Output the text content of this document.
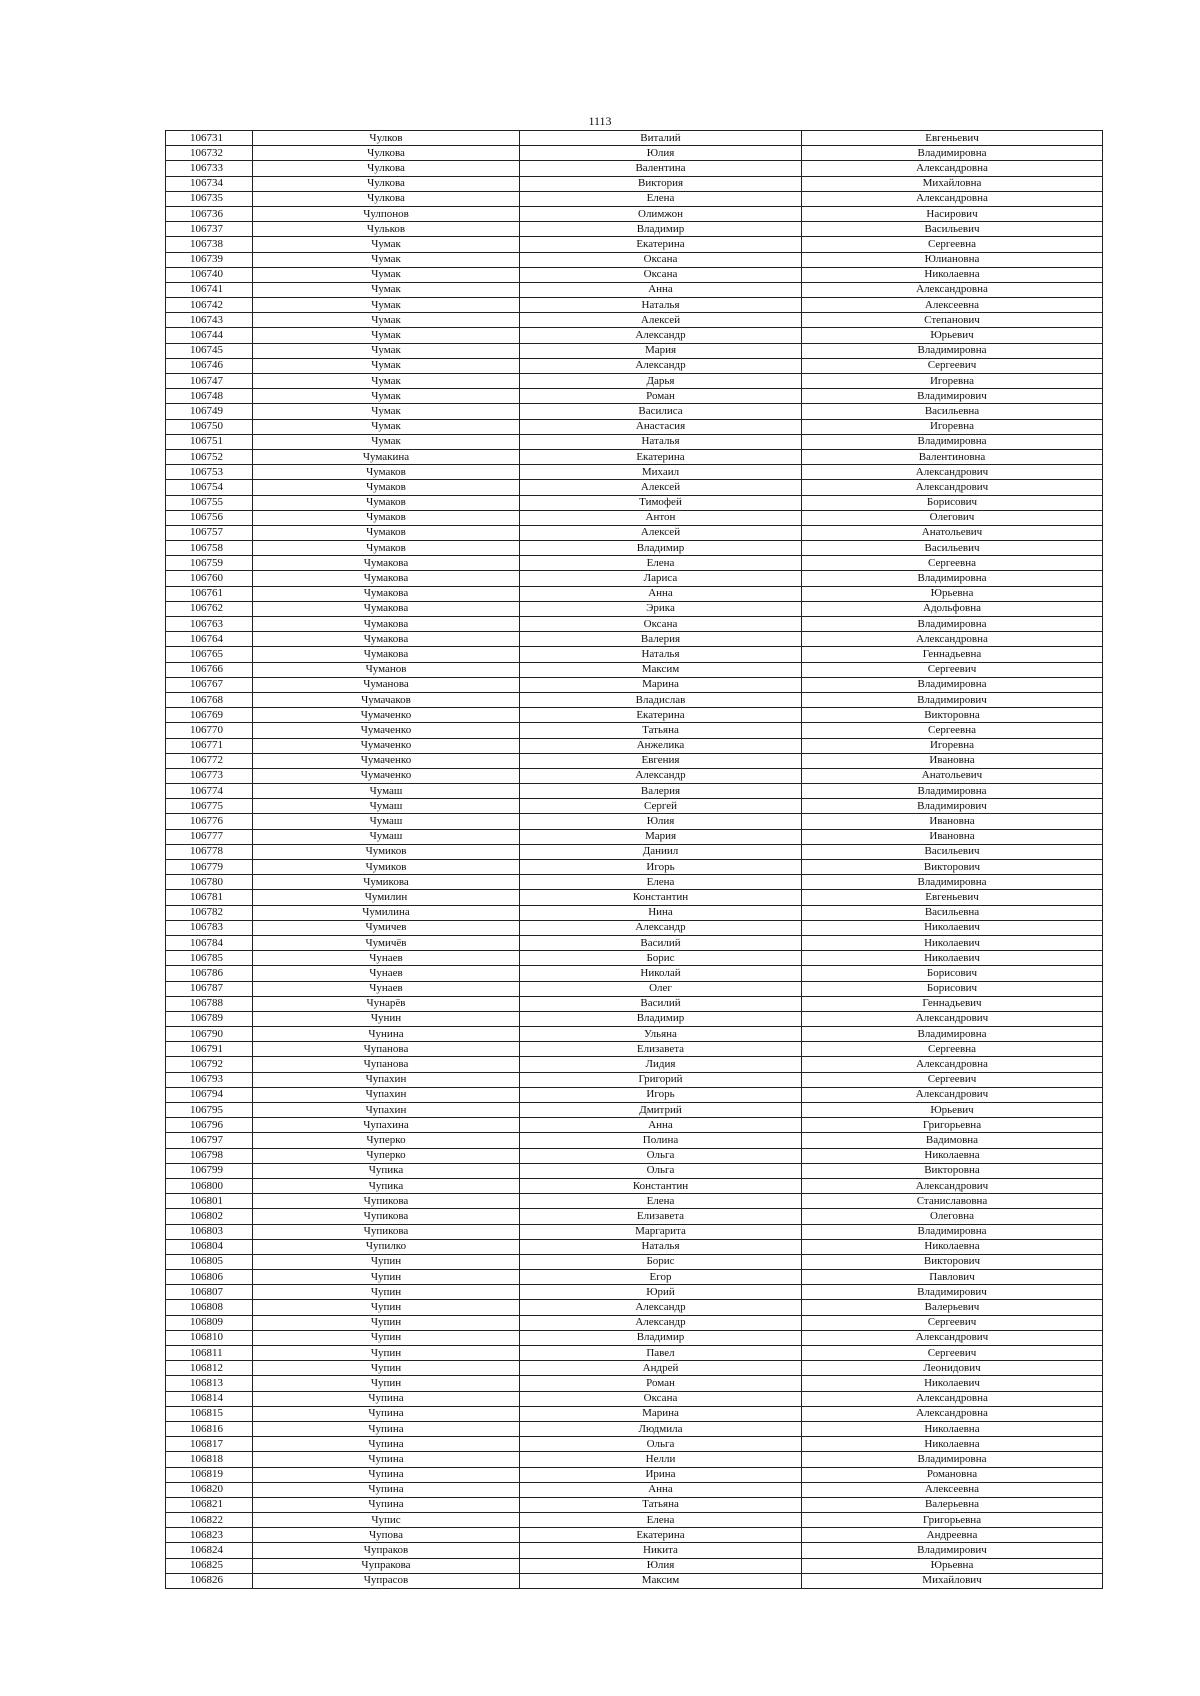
1113
106731	Чулков	Виталий	Евгеньевич
106732	Чулкова	Юлия	Владимировна
106733	Чулкова	Валентина	Александровна
106734	Чулкова	Виктория	Михайловна
106735	Чулкова	Елена	Александровна
106736	Чулпонов	Олимжон	Насирович
106737	Чульков	Владимир	Васильевич
106738	Чумак	Екатерина	Сергеевна
106739	Чумак	Оксана	Юлиановна
106740	Чумак	Оксана	Николаевна
106741	Чумак	Анна	Александровна
106742	Чумак	Наталья	Алексеевна
106743	Чумак	Алексей	Степанович
106744	Чумак	Александр	Юрьевич
106745	Чумак	Мария	Владимировна
106746	Чумак	Александр	Сергеевич
106747	Чумак	Дарья	Игоревна
106748	Чумак	Роман	Владимирович
106749	Чумак	Василиса	Васильевна
106750	Чумак	Анастасия	Игоревна
106751	Чумак	Наталья	Владимировна
106752	Чумакина	Екатерина	Валентиновна
106753	Чумаков	Михаил	Александрович
106754	Чумаков	Алексей	Александрович
106755	Чумаков	Тимофей	Борисович
106756	Чумаков	Антон	Олегович
106757	Чумаков	Алексей	Анатольевич
106758	Чумаков	Владимир	Васильевич
106759	Чумакова	Елена	Сергеевна
106760	Чумакова	Лариса	Владимировна
106761	Чумакова	Анна	Юрьевна
106762	Чумакова	Эрика	Адольфовна
106763	Чумакова	Оксана	Владимировна
106764	Чумакова	Валерия	Александровна
106765	Чумакова	Наталья	Геннадьевна
106766	Чуманов	Максим	Сергеевич
106767	Чуманова	Марина	Владимировна
106768	Чумачаков	Владислав	Владимирович
106769	Чумаченко	Екатерина	Викторовна
106770	Чумаченко	Татьяна	Сергеевна
106771	Чумаченко	Анжелика	Игоревна
106772	Чумаченко	Евгения	Ивановна
106773	Чумаченко	Александр	Анатольевич
106774	Чумаш	Валерия	Владимировна
106775	Чумаш	Сергей	Владимирович
106776	Чумаш	Юлия	Ивановна
106777	Чумаш	Мария	Ивановна
106778	Чумиков	Даниил	Васильевич
106779	Чумиков	Игорь	Викторович
106780	Чумикова	Елена	Владимировна
106781	Чумилин	Константин	Евгеньевич
106782	Чумилина	Нина	Васильевна
106783	Чумичев	Александр	Николаевич
106784	Чумичёв	Василий	Николаевич
106785	Чунаев	Борис	Николаевич
106786	Чунаев	Николай	Борисович
106787	Чунаев	Олег	Борисович
106788	Чунарёв	Василий	Геннадьевич
106789	Чунин	Владимир	Александрович
106790	Чунина	Ульяна	Владимировна
106791	Чупанова	Елизавета	Сергеевна
106792	Чупанова	Лидия	Александровна
106793	Чупахин	Григорий	Сергеевич
106794	Чупахин	Игорь	Александрович
106795	Чупахин	Дмитрий	Юрьевич
106796	Чупахина	Анна	Григорьевна
106797	Чуперко	Полина	Вадимовна
106798	Чуперко	Ольга	Николаевна
106799	Чупика	Ольга	Викторовна
106800	Чупика	Константин	Александрович
106801	Чупикова	Елена	Станиславовна
106802	Чупикова	Елизавета	Олеговна
106803	Чупикова	Маргарита	Владимировна
106804	Чупилко	Наталья	Николаевна
106805	Чупин	Борис	Викторович
106806	Чупин	Егор	Павлович
106807	Чупин	Юрий	Владимирович
106808	Чупин	Александр	Валерьевич
106809	Чупин	Александр	Сергеевич
106810	Чупин	Владимир	Александрович
106811	Чупин	Павел	Сергеевич
106812	Чупин	Андрей	Леонидович
106813	Чупин	Роман	Николаевич
106814	Чупина	Оксана	Александровна
106815	Чупина	Марина	Александровна
106816	Чупина	Людмила	Николаевна
106817	Чупина	Ольга	Николаевна
106818	Чупина	Нелли	Владимировна
106819	Чупина	Ирина	Романовна
106820	Чупина	Анна	Алексеевна
106821	Чупина	Татьяна	Валерьевна
106822	Чупис	Елена	Григорьевна
106823	Чупова	Екатерина	Андреевна
106824	Чупраков	Никита	Владимирович
106825	Чупракова	Юлия	Юрьевна
106826	Чупрасов	Максим	Михайлович
